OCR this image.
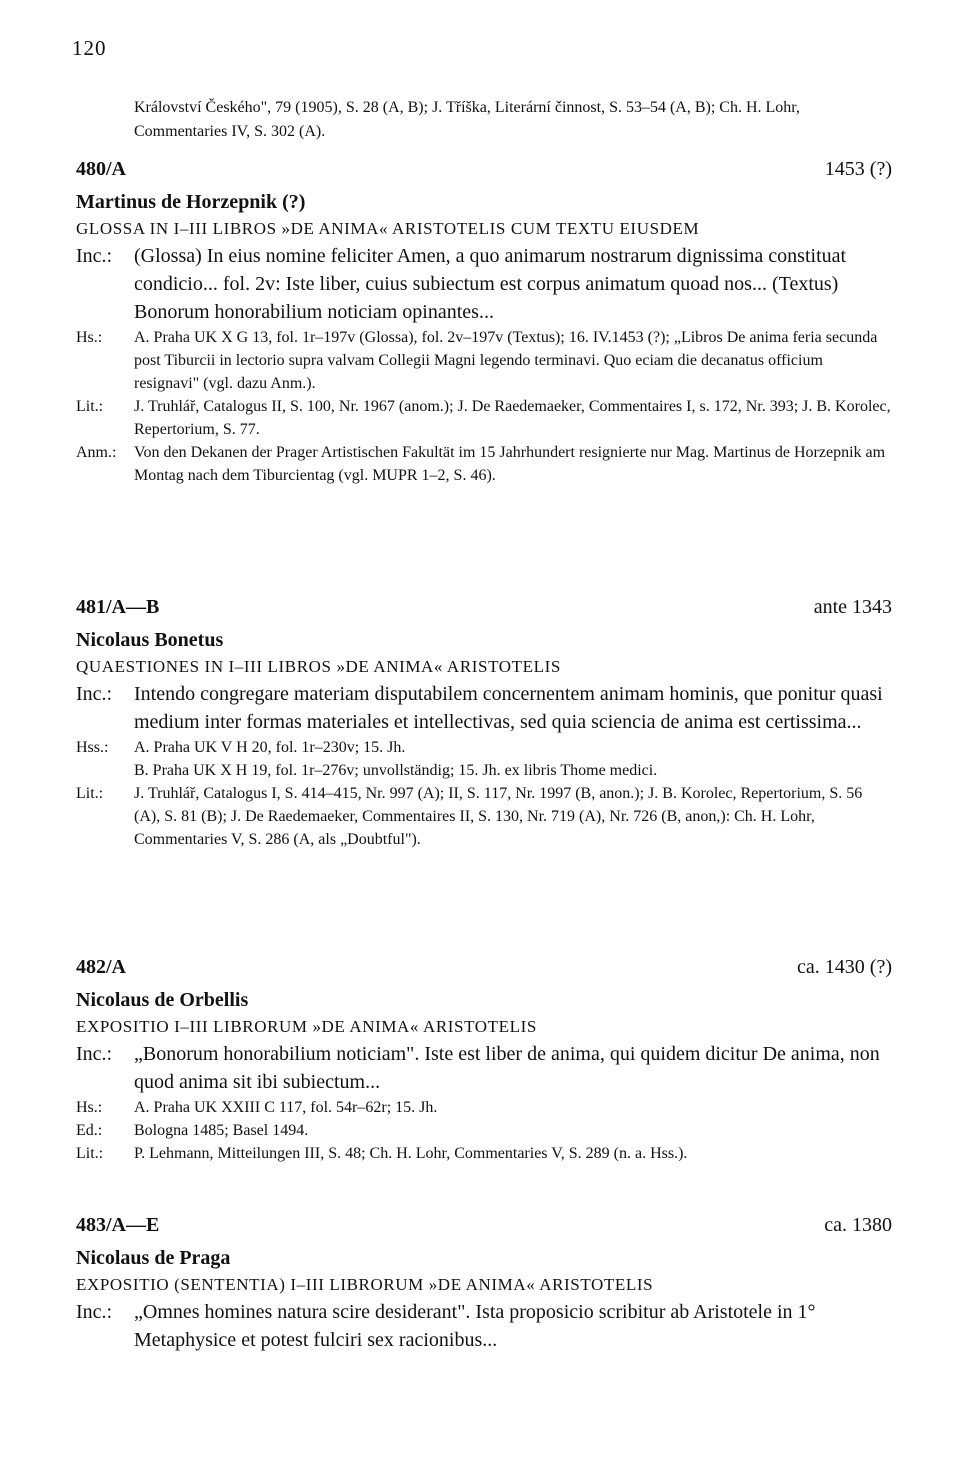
120
Království Českého", 79 (1905), S. 28 (A, B); J. Tříška, Literární činnost, S. 53–54 (A, B); Ch. H. Lohr, Commentaries IV, S. 302 (A).
480/A	1453 (?)
Martinus de Horzepnik (?)
GLOSSA IN I–III LIBROS »DE ANIMA« ARISTOTELIS CUM TEXTU EIUSDEM
Inc.: (Glossa) In eius nomine feliciter Amen, a quo animarum nostrarum dignissima constituat condicio... fol. 2v: Iste liber, cuius subiectum est corpus animatum quoad nos... (Textus) Bonorum honorabilium noticiam opinantes...
Hs.: A. Praha UK X G 13, fol. 1r–197v (Glossa), fol. 2v–197v (Textus); 16. IV.1453 (?); „Libros De anima feria secunda post Tiburcii in lectorio supra valvam Collegii Magni legendo terminavi. Quo eciam die decanatus officium resignavi" (vgl. dazu Anm.).
Lit.: J. Truhlář, Catalogus II, S. 100, Nr. 1967 (anom.); J. De Raedemaeker, Commentaires I, s. 172, Nr. 393; J. B. Korolec, Repertorium, S. 77.
Anm.: Von den Dekanen der Prager Artistischen Fakultät im 15 Jahrhundert resignierte nur Mag. Martinus de Horzepnik am Montag nach dem Tiburcientag (vgl. MUPR 1–2, S. 46).
481/A—B	ante 1343
Nicolaus Bonetus
QUAESTIONES IN I–III LIBROS »DE ANIMA« ARISTOTELIS
Inc.: Intendo congregare materiam disputabilem concernentem animam hominis, que ponitur quasi medium inter formas materiales et intellectivas, sed quia sciencia de anima est certissima...
Hss.: A. Praha UK V H 20, fol. 1r–230v; 15. Jh.
B. Praha UK X H 19, fol. 1r–276v; unvollständig; 15. Jh. ex libris Thome medici.
Lit.: J. Truhlář, Catalogus I, S. 414–415, Nr. 997 (A); II, S. 117, Nr. 1997 (B, anon.); J. B. Korolec, Repertorium, S. 56 (A), S. 81 (B); J. De Raedemaeker, Commentaires II, S. 130, Nr. 719 (A), Nr. 726 (B, anon,): Ch. H. Lohr, Commentaries V, S. 286 (A, als „Doubtful").
482/A	ca. 1430 (?)
Nicolaus de Orbellis
EXPOSITIO I–III LIBRORUM »DE ANIMA« ARISTOTELIS
Inc.: „Bonorum honorabilium noticiam". Iste est liber de anima, qui quidem dicitur De anima, non quod anima sit ibi subiectum...
Hs.: A. Praha UK XXIII C 117, fol. 54r–62r; 15. Jh.
Ed.: Bologna 1485; Basel 1494.
Lit.: P. Lehmann, Mitteilungen III, S. 48; Ch. H. Lohr, Commentaries V, S. 289 (n. a. Hss.).
483/A—E	ca. 1380
Nicolaus de Praga
EXPOSITIO (SENTENTIA) I–III LIBRORUM »DE ANIMA« ARISTOTELIS
Inc.: „Omnes homines natura scire desiderant". Ista proposicio scribitur ab Aristotele in 1° Metaphysice et potest fulciri sex racionibus...
